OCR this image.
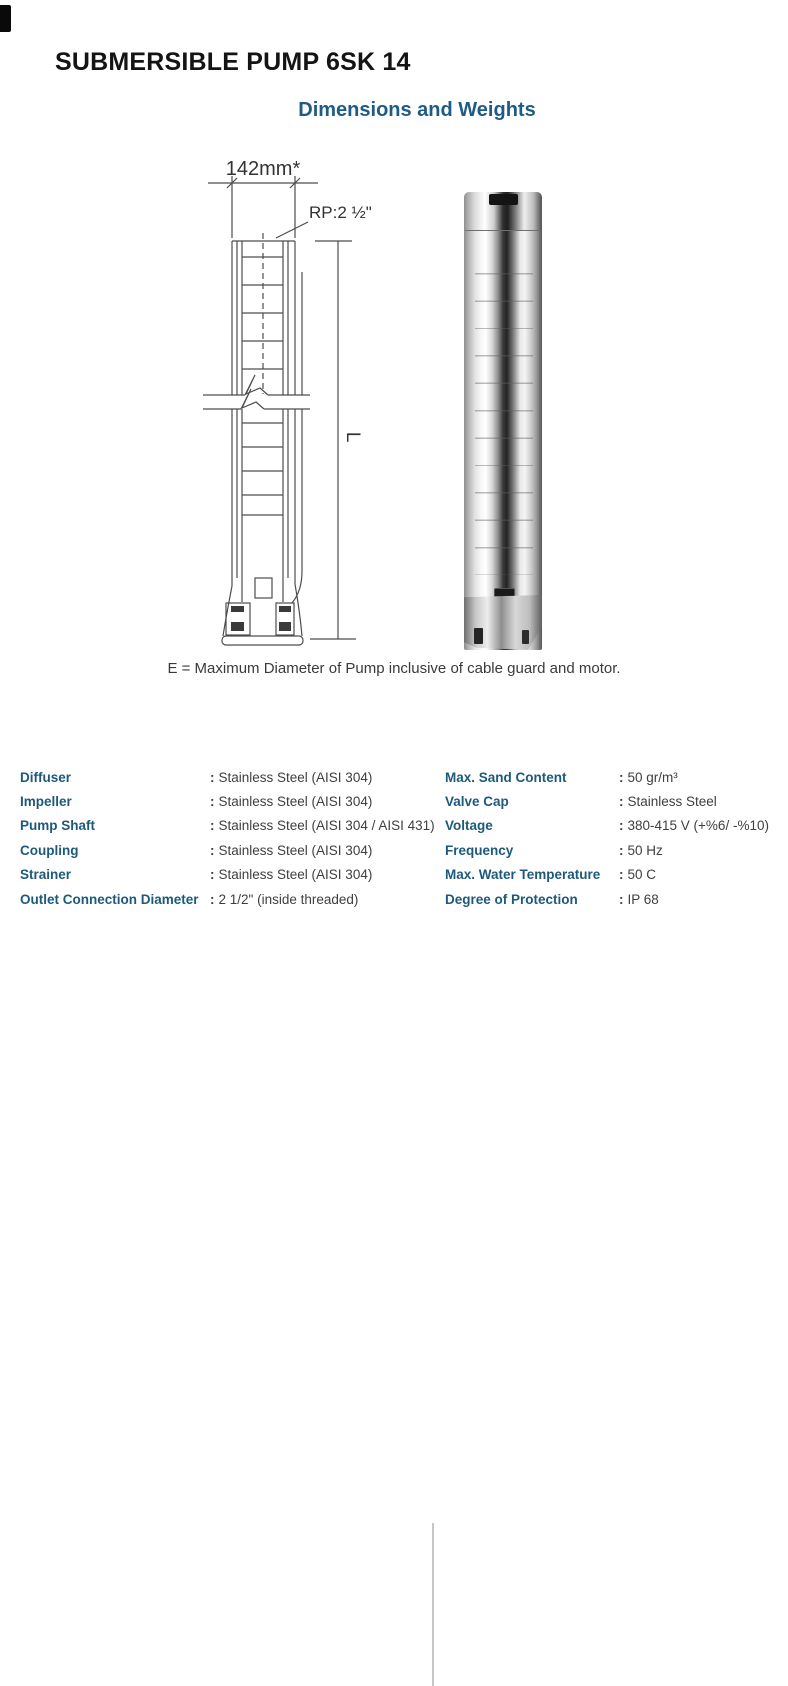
SUBMERSIBLE PUMP 6SK 14
Dimensions and Weights
142mm*
RP:2 ½"
L

E = Maximum Diameter of Pump inclusive of cable guard and motor.

Diffuser	: Stainless Steel (AISI 304)
Impeller	: Stainless Steel (AISI 304)
Pump Shaft	: Stainless Steel (AISI 304 / AISI 431)
Coupling	: Stainless Steel (AISI 304)
Strainer	: Stainless Steel (AISI 304)
Outlet Connection Diameter : 2 1/2" (inside threaded)
Max. Sand Content	: 50 gr/m³
Valve Cap	: Stainless Steel
Voltage	: 380-415 V (+%6/ -%10)
Frequency	: 50 Hz
Max. Water Temperature	: 50 C
Degree of Protection	: IP 68
